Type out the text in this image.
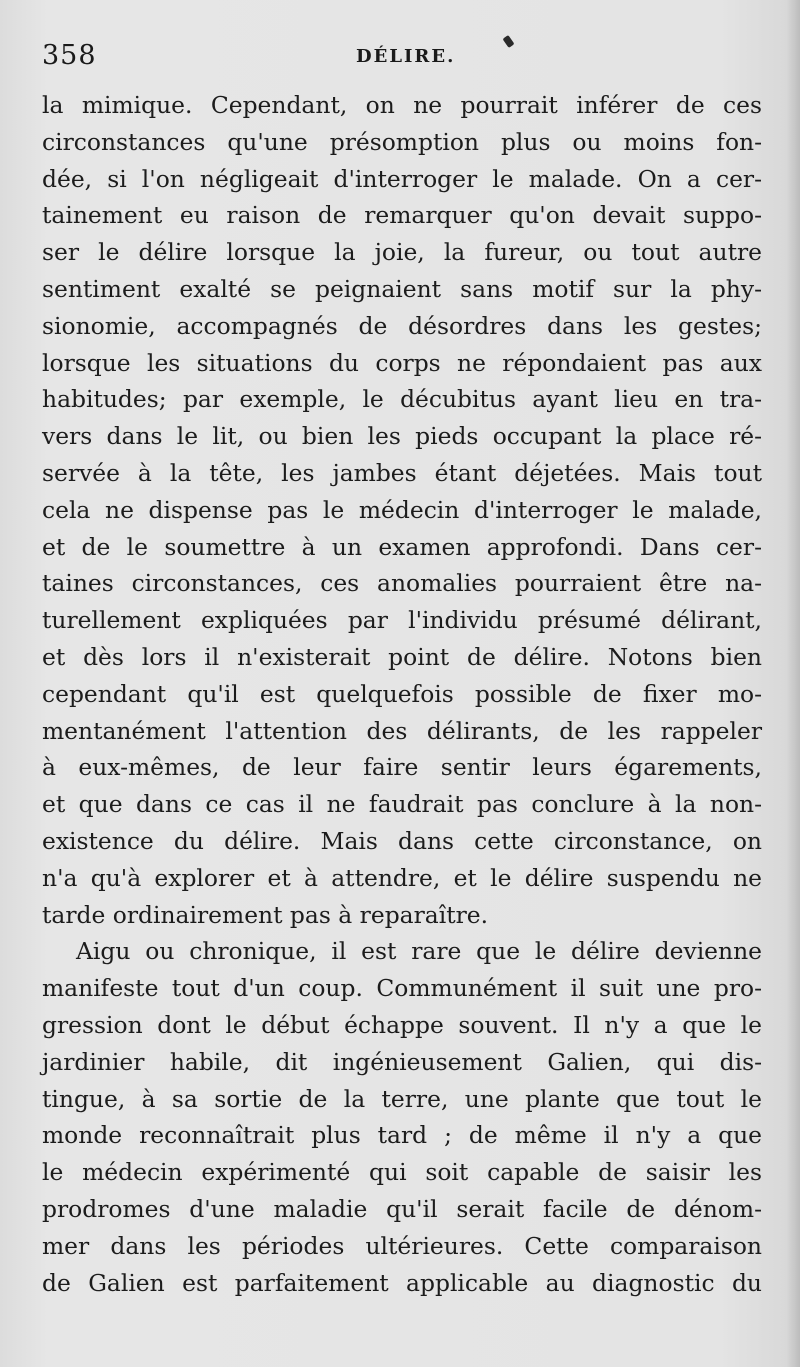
358	DÉLIRE.
la mimique. Cependant, on ne pourrait inférer de ces
circonstances qu'une présomption plus ou moins fon-
dée, si l'on négligeait d'interroger le malade. On a cer-
tainement eu raison de remarquer qu'on devait suppo-
ser le délire lorsque la joie, la fureur, ou tout autre
sentiment exalté se peignaient sans motif sur la phy-
sionomie, accompagnés de désordres dans les gestes;
lorsque les situations du corps ne répondaient pas aux
habitudes; par exemple, le décubitus ayant lieu en tra-
vers dans le lit, ou bien les pieds occupant la place ré-
servée à la tête, les jambes étant déjetées. Mais tout
cela ne dispense pas le médecin d'interroger le malade,
et de le soumettre à un examen approfondi. Dans cer-
taines circonstances, ces anomalies pourraient être na-
turellement expliquées par l'individu présumé délirant,
et dès lors il n'existerait point de délire. Notons bien
cependant qu'il est quelquefois possible de fixer mo-
mentanément l'attention des délirants, de les rappeler
à eux-mêmes, de leur faire sentir leurs égarements,
et que dans ce cas il ne faudrait pas conclure à la non-
existence du délire. Mais dans cette circonstance, on
n'a qu'à explorer et à attendre, et le délire suspendu ne
tarde ordinairement pas à reparaître.
Aigu ou chronique, il est rare que le délire devienne
manifeste tout d'un coup. Communément il suit une pro-
gression dont le début échappe souvent. Il n'y a que le
jardinier habile, dit ingénieusement Galien, qui dis-
tingue, à sa sortie de la terre, une plante que tout le
monde reconnaîtrait plus tard ; de même il n'y a que
le médecin expérimenté qui soit capable de saisir les
prodromes d'une maladie qu'il serait facile de dénom-
mer dans les périodes ultérieures. Cette comparaison
de Galien est parfaitement applicable au diagnostic du
